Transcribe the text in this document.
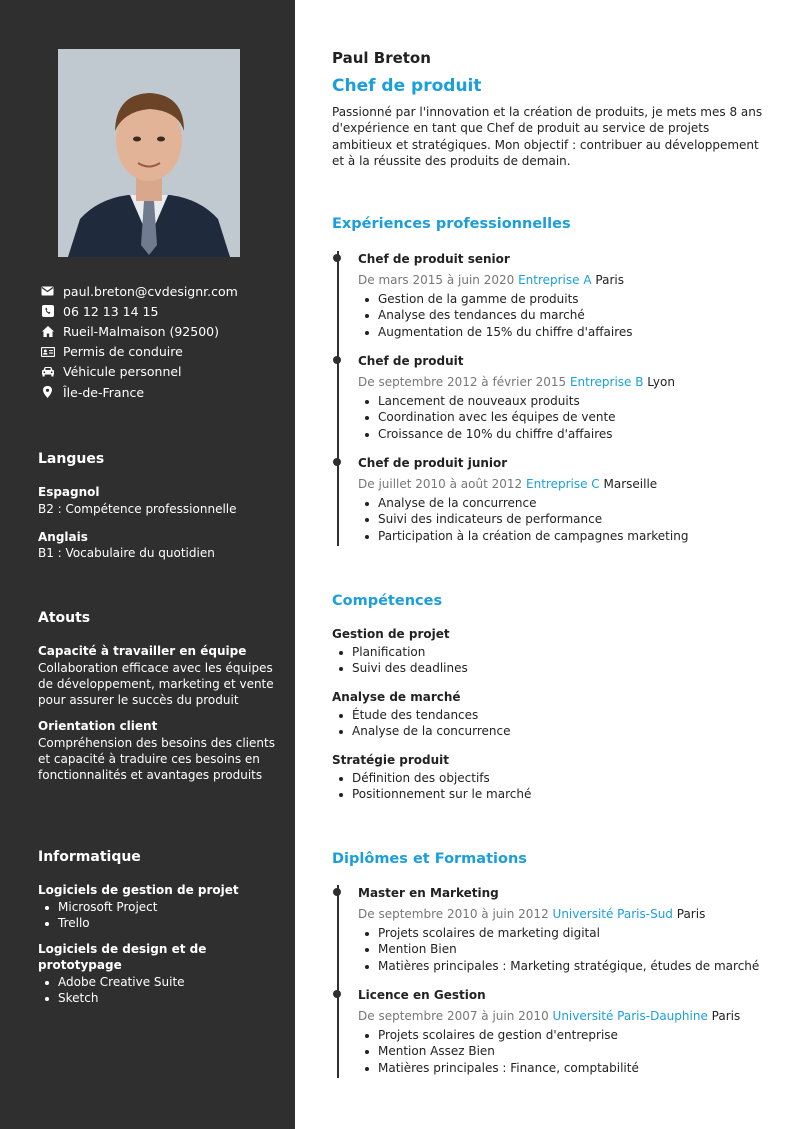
paul.breton@cvdesignr.com
06 12 13 14 15
Rueil-Malmaison (92500)
Permis de conduire
Véhicule personnel
Île-de-France
Langues
Espagnol
B2 : Compétence professionnelle
Anglais
B1 : Vocabulaire du quotidien
Atouts
Capacité à travailler en équipe
Collaboration efficace avec les équipes de développement, marketing et vente pour assurer le succès du produit
Orientation client
Compréhension des besoins des clients et capacité à traduire ces besoins en fonctionnalités et avantages produits
Informatique
Logiciels de gestion de projet
Microsoft Project
Trello
Logiciels de design et de prototypage
Adobe Creative Suite
Sketch
Paul Breton
Chef de produit
Passionné par l'innovation et la création de produits, je mets mes 8 ans d'expérience en tant que Chef de produit au service de projets ambitieux et stratégiques. Mon objectif : contribuer au développement et à la réussite des produits de demain.
Expériences professionnelles
Chef de produit senior
De mars 2015 à juin 2020 Entreprise A Paris
Gestion de la gamme de produits
Analyse des tendances du marché
Augmentation de 15% du chiffre d'affaires
Chef de produit
De septembre 2012 à février 2015 Entreprise B Lyon
Lancement de nouveaux produits
Coordination avec les équipes de vente
Croissance de 10% du chiffre d'affaires
Chef de produit junior
De juillet 2010 à août 2012 Entreprise C Marseille
Analyse de la concurrence
Suivi des indicateurs de performance
Participation à la création de campagnes marketing
Compétences
Gestion de projet
Planification
Suivi des deadlines
Analyse de marché
Étude des tendances
Analyse de la concurrence
Stratégie produit
Définition des objectifs
Positionnement sur le marché
Diplômes et Formations
Master en Marketing
De septembre 2010 à juin 2012 Université Paris-Sud Paris
Projets scolaires de marketing digital
Mention Bien
Matières principales : Marketing stratégique, études de marché
Licence en Gestion
De septembre 2007 à juin 2010 Université Paris-Dauphine Paris
Projets scolaires de gestion d'entreprise
Mention Assez Bien
Matières principales : Finance, comptabilité
